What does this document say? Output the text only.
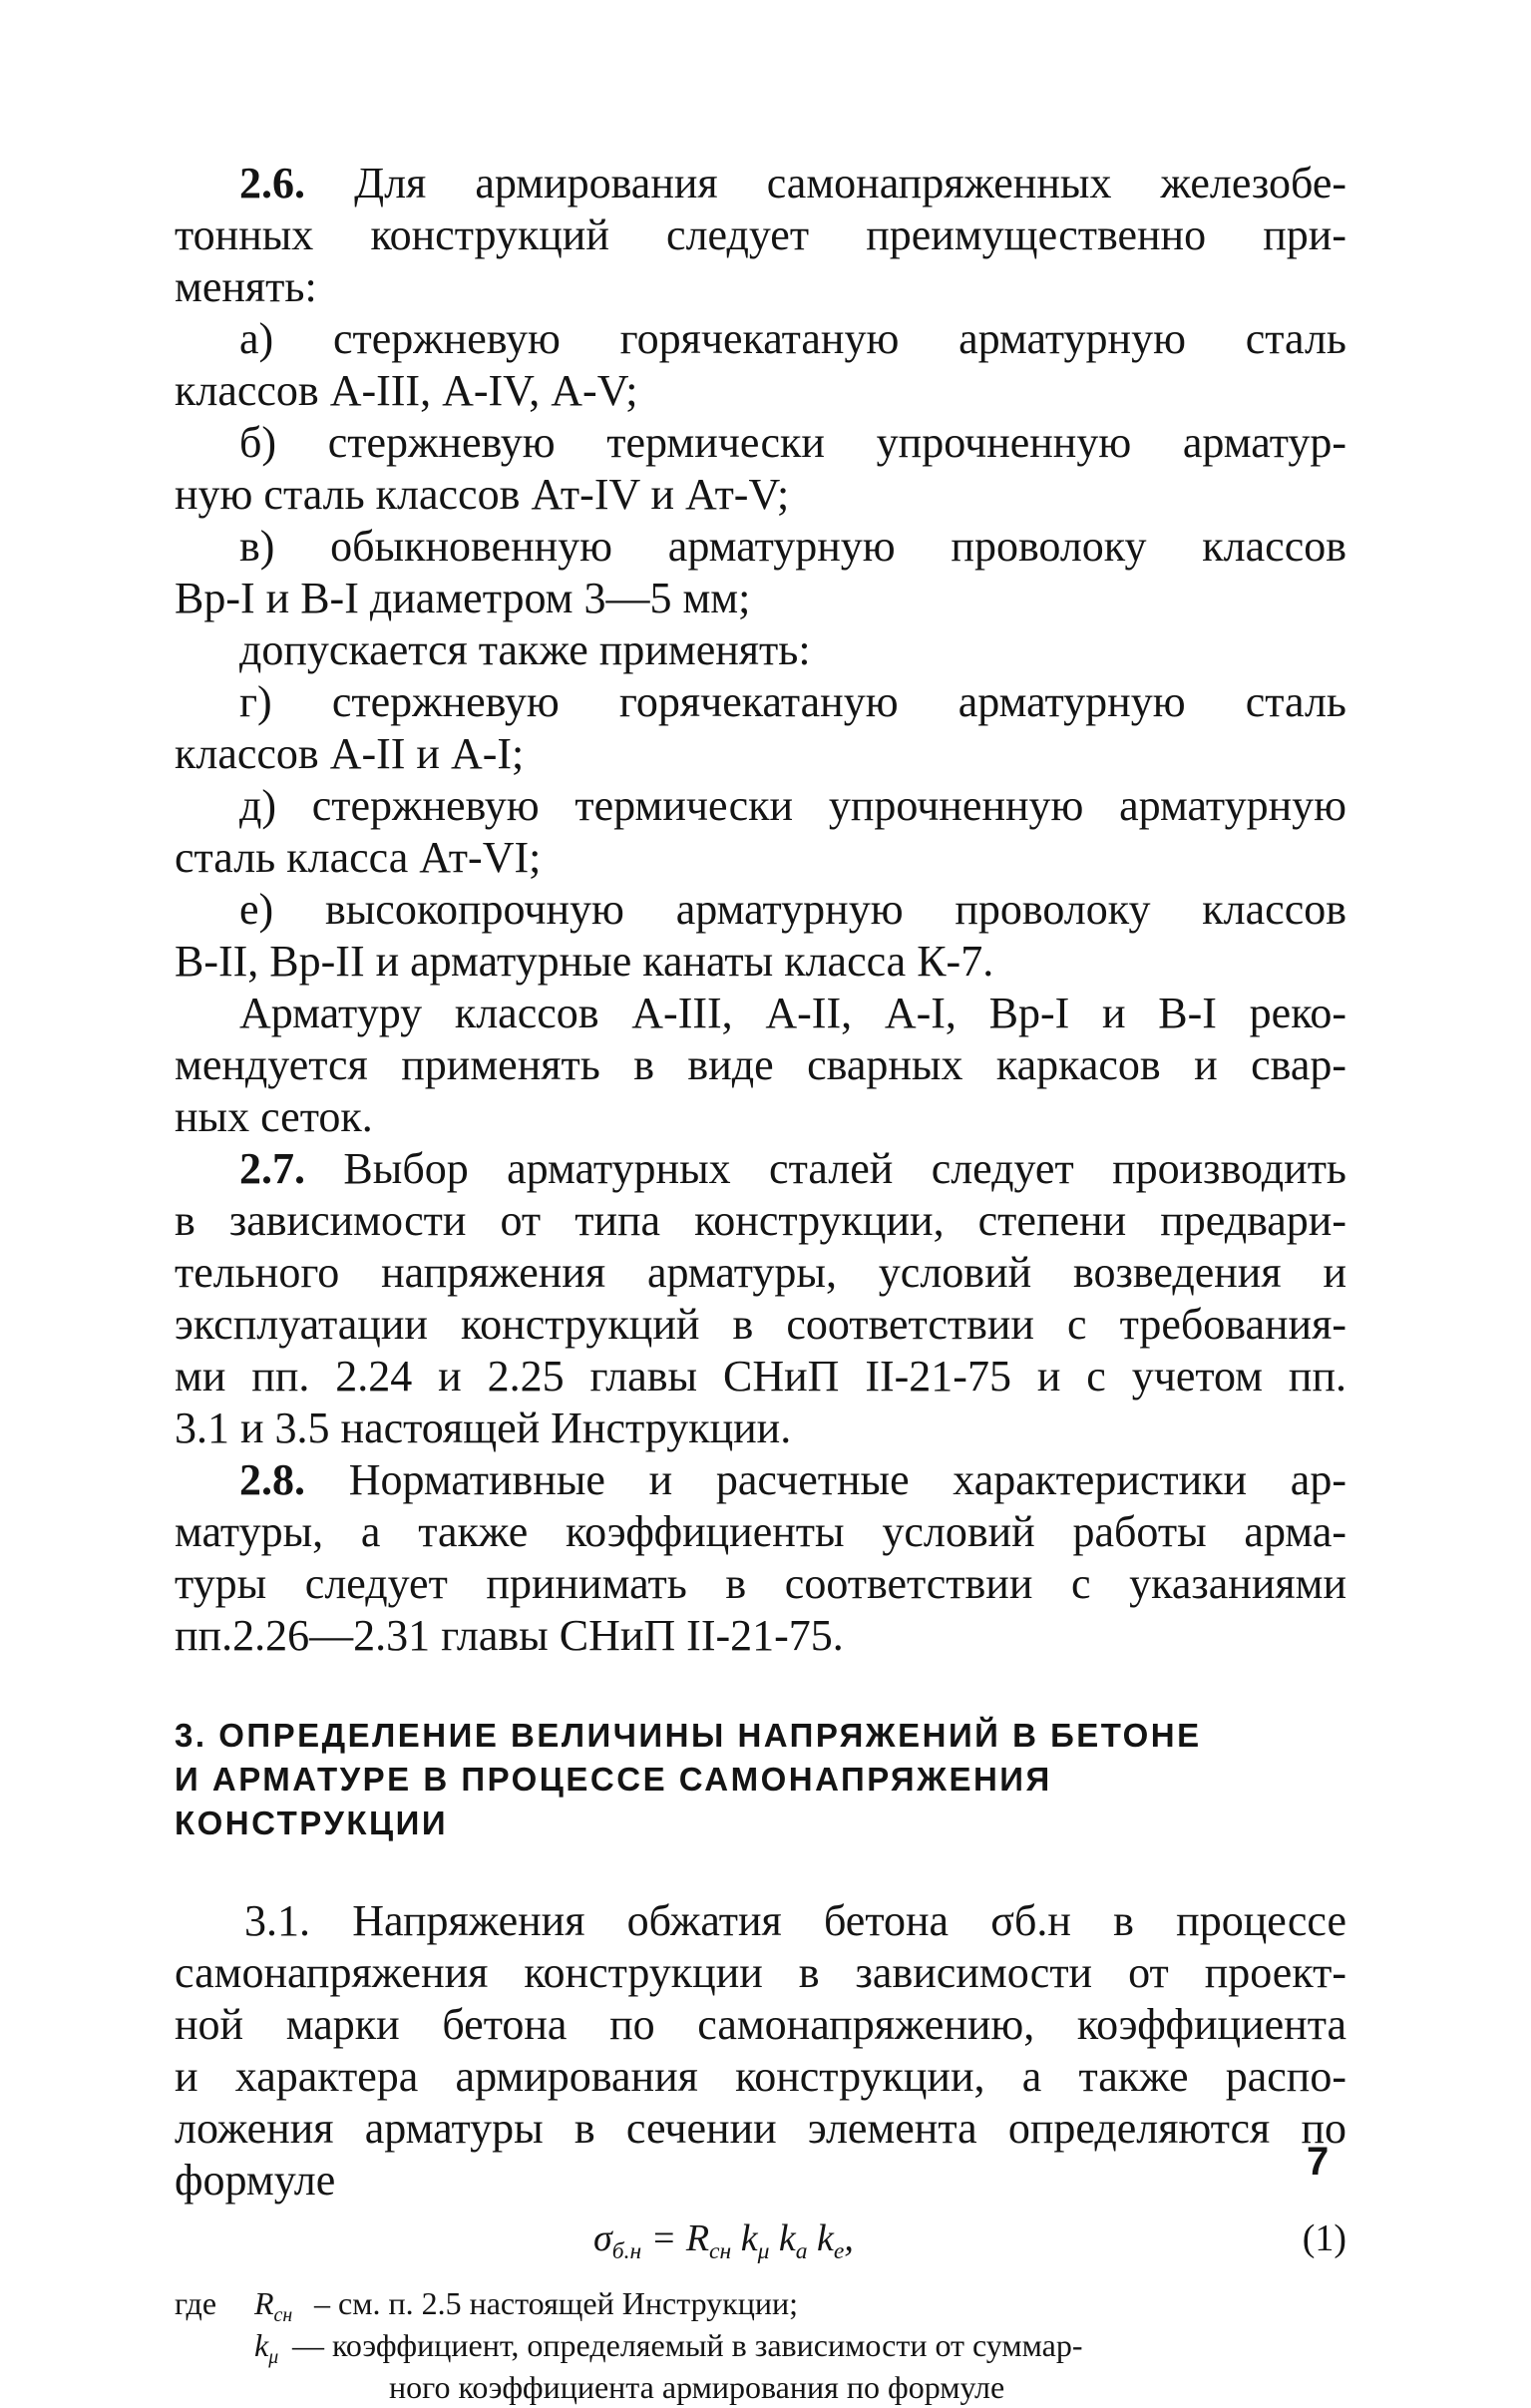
2.6. Для армирования самонапряженных железобе-
тонных конструкций следует преимущественно при-
менять:
а) стержневую горячекатаную арматурную сталь
классов А-III, А-IV, А-V;
б) стержневую термически упрочненную арматур-
ную сталь классов Ат-IV и Ат-V;
в) обыкновенную арматурную проволоку классов
Вр-I и В-I диаметром 3—5 мм;
допускается также применять:
г) стержневую горячекатаную арматурную сталь
классов А-II и А-I;
д) стержневую термически упрочненную арматурную
сталь класса Ат-VI;
е) высокопрочную арматурную проволоку классов
В-II, Вр-II и арматурные канаты класса К-7.
Арматуру классов А-III, А-II, А-I, Вр-I и В-I реко-
мендуется применять в виде сварных каркасов и свар-
ных сеток.
2.7. Выбор арматурных сталей следует производить
в зависимости от типа конструкции, степени предвари-
тельного напряжения арматуры, условий возведения и
эксплуатации конструкций в соответствии с требования-
ми пп. 2.24 и 2.25 главы СНиП II-21-75 и с учетом пп.
3.1 и 3.5 настоящей Инструкции.
2.8. Нормативные и расчетные характеристики ар-
матуры, а также коэффициенты условий работы арма-
туры следует принимать в соответствии с указаниями
пп.2.26—2.31 главы СНиП II-21-75.
3. ОПРЕДЕЛЕНИЕ ВЕЛИЧИНЫ НАПРЯЖЕНИЙ В БЕТОНЕ
И АРМАТУРЕ В ПРОЦЕССЕ САМОНАПРЯЖЕНИЯ
КОНСТРУКЦИИ
3.1. Напряжения обжатия бетона σб.н в процессе
самонапряжения конструкции в зависимости от проект-
ной марки бетона по самонапряжению, коэффициента
и характера армирования конструкции, а также распо-
ложения арматуры в сечении элемента определяются по
формуле
$\sigma_{б.н} = R_{сн}$ $k_\mu$ $k_а$ $k_e$,	(1)
где $R_{сн}$ – см. п. 2.5 настоящей Инструкции;
$k_\mu$ — коэффициент, определяемый в зависимости от суммар-
ного коэффициента армирования по формуле
7
